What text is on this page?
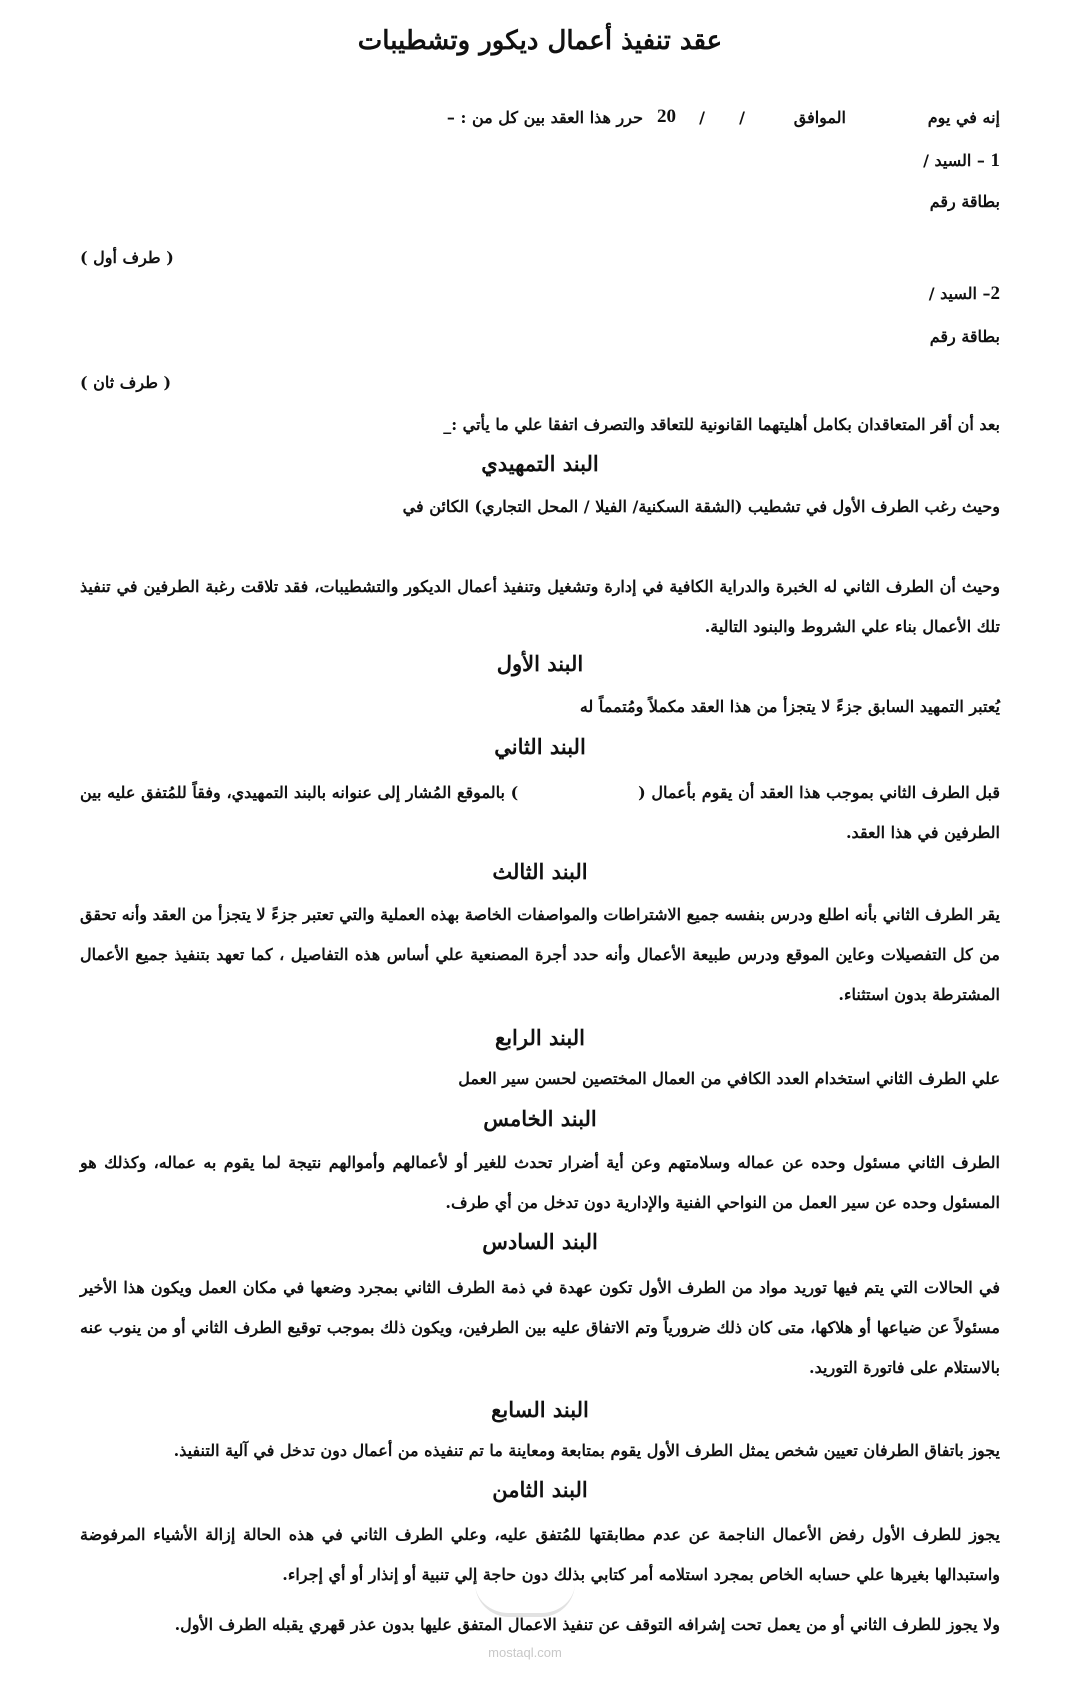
عقد تنفيذ أعمال ديكور وتشطيبات
إنه في يوم
الموافق
/
/
20
حرر هذا العقد بين كل من : –
1 – السيد /
بطاقة رقم
( طرف أول )
2– السيد /
بطاقة رقم
( طرف ثان )
بعد أن أقر المتعاقدان بكامل أهليتهما القانونية للتعاقد والتصرف اتفقا علي ما يأتي :_
البند التمهيدي
وحيث رغب الطرف الأول في تشطيب (الشقة السكنية/ الفيلا / المحل التجاري) الكائن في
وحيث أن الطرف الثاني له الخبرة والدراية الكافية في إدارة وتشغيل وتنفيذ أعمال الديكور والتشطيبات، فقد تلاقت رغبة الطرفين في تنفيذ تلك الأعمال بناء علي الشروط والبنود التالية.
البند الأول
يُعتبر التمهيد السابق جزءً لا يتجزأ من هذا العقد مكملاً ومُتمماً له
البند الثاني
قبل الطرف الثاني بموجب هذا العقد أن يقوم بأعمال () بالموقع المُشار إلى عنوانه بالبند التمهيدي، وفقاً للمُتفق عليه بين الطرفين في هذا العقد.
البند الثالث
يقر الطرف الثاني بأنه اطلع ودرس بنفسه جميع الاشتراطات والمواصفات الخاصة بهذه العملية والتي تعتبر جزءً لا يتجزأ من العقد وأنه تحقق من كل التفصيلات وعاين الموقع ودرس طبيعة الأعمال وأنه حدد أجرة المصنعية علي أساس هذه التفاصيل ، كما تعهد بتنفيذ جميع الأعمال المشترطة بدون استثناء.
البند الرابع
علي الطرف الثاني استخدام العدد الكافي من العمال المختصين لحسن سير العمل
البند الخامس
الطرف الثاني مسئول وحده عن عماله وسلامتهم وعن أية أضرار تحدث للغير أو لأعمالهم وأموالهم نتيجة لما يقوم به عماله، وكذلك هو المسئول وحده عن سير العمل من النواحي الفنية والإدارية دون تدخل من أي طرف.
البند السادس
في الحالات التي يتم فيها توريد مواد من الطرف الأول تكون عهدة في ذمة الطرف الثاني بمجرد وضعها في مكان العمل ويكون هذا الأخير مسئولاً عن ضياعها أو هلاكها، متى كان ذلك ضرورياً وتم الاتفاق عليه بين الطرفين، ويكون ذلك بموجب توقيع الطرف الثاني أو من ينوب عنه بالاستلام على فاتورة التوريد.
البند السابع
يجوز باتفاق الطرفان تعيين شخص يمثل الطرف الأول يقوم بمتابعة ومعاينة ما تم تنفيذه من أعمال دون تدخل في آلية التنفيذ.
البند الثامن
يجوز للطرف الأول رفض الأعمال الناجمة عن عدم مطابقتها للمُتفق عليه، وعلي الطرف الثاني في هذه الحالة إزالة الأشياء المرفوضة واستبدالها بغيرها علي حسابه الخاص بمجرد استلامه أمر كتابي بذلك دون حاجة إلي تنبية أو إنذار أو أي إجراء.
ولا يجوز للطرف الثاني أو من يعمل تحت إشرافه التوقف عن تنفيذ الاعمال المتفق عليها بدون عذر قهري يقبله الطرف الأول.
mostaql.com
